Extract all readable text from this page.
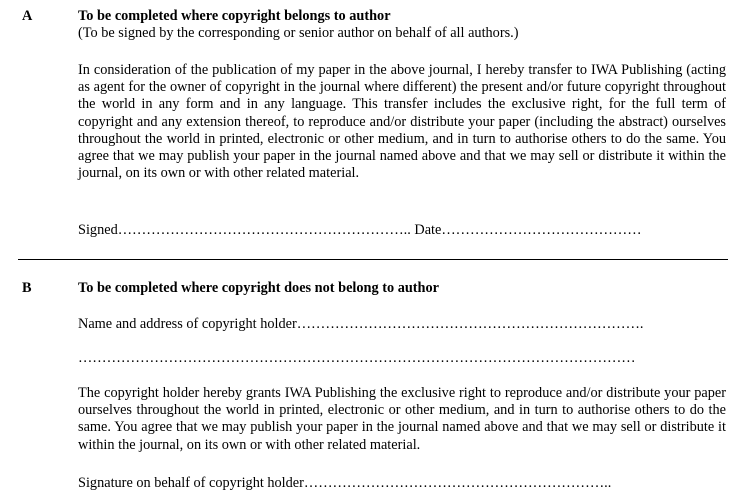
A	To be completed where copyright belongs to author
(To be signed by the corresponding or senior author on behalf of all authors.)
In consideration of the publication of my paper in the above journal, I hereby transfer to IWA Publishing (acting as agent for the owner of copyright in the journal where different) the present and/or future copyright throughout the world in any form and in any language. This transfer includes the exclusive right, for the full term of copyright and any extension thereof, to reproduce and/or distribute your paper (including the abstract) ourselves throughout the world in printed, electronic or other medium, and in turn to authorise others to do the same. You agree that we may publish your paper in the journal named above and that we may sell or distribute it within the journal, on its own or with other related material.
Signed…………………………………………………….. Date……………………………………
B	To be completed where copyright does not belong to author
Name and address of copyright holder……………………………………………………………….
………………………………………………………………………………………………………
The copyright holder hereby grants IWA Publishing the exclusive right to reproduce and/or distribute your paper ourselves throughout the world in printed, electronic or other medium, and in turn to authorise others to do the same. You agree that we may publish your paper in the journal named above and that we may sell or distribute it within the journal, on its own or with other related material.
Signature on behalf of copyright holder………………………………………………………..
